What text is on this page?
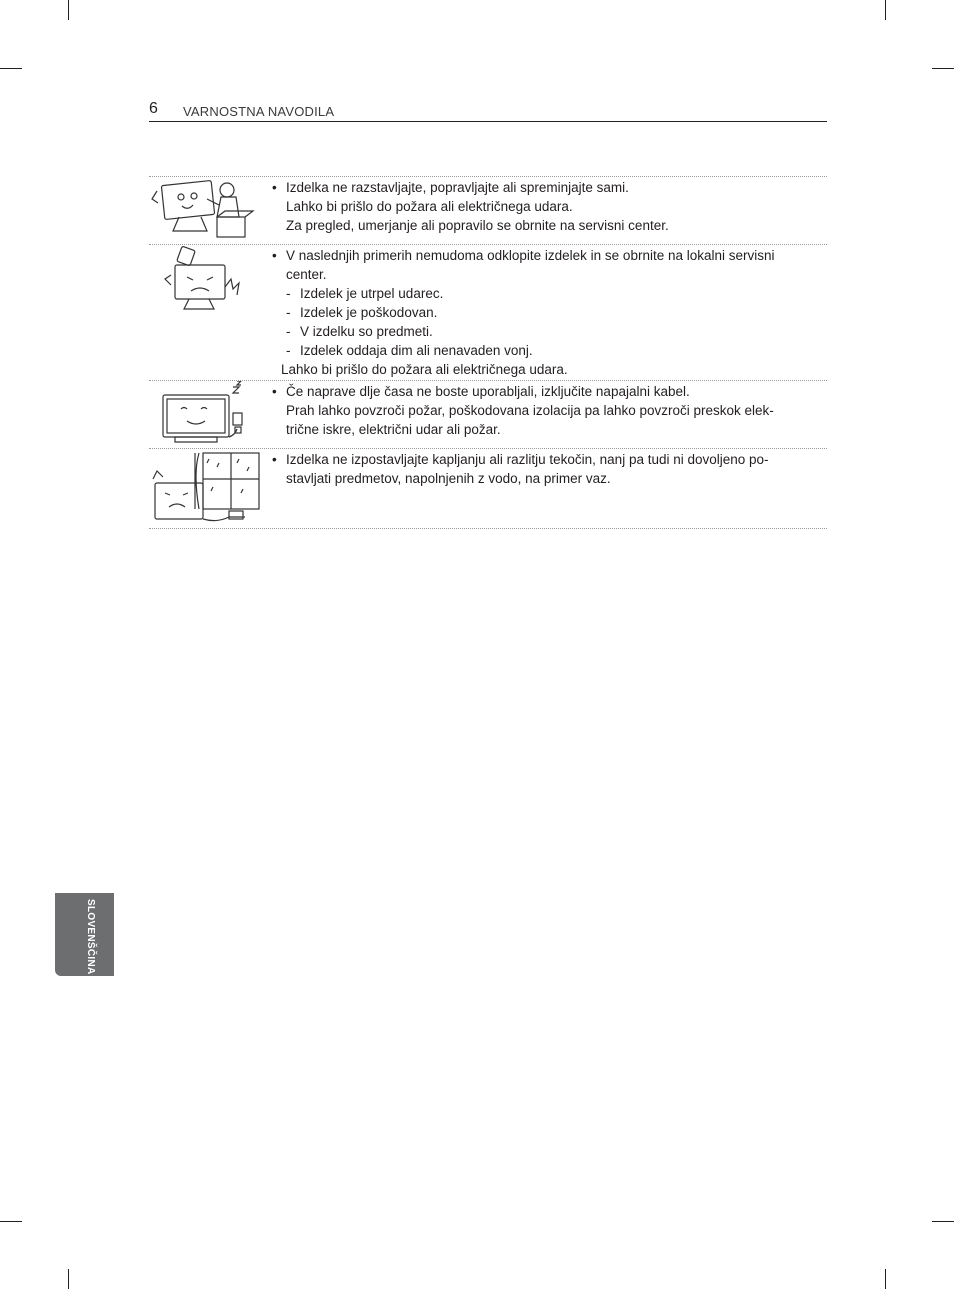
6 VARNOSTNA NAVODILA
• Izdelka ne razstavljajte, popravljajte ali spreminjajte sami.
Lahko bi prišlo do požara ali električnega udara.
Za pregled, umerjanje ali popravilo se obrnite na servisni center.
• V naslednjih primerih nemudoma odklopite izdelek in se obrnite na lokalni servisni
center.
- Izdelek je utrpel udarec.
- Izdelek je poškodovan.
- V izdelku so predmeti.
- Izdelek oddaja dim ali nenavaden vonj.
Lahko bi prišlo do požara ali električnega udara.
• Če naprave dlje časa ne boste uporabljali, izključite napajalni kabel.
Prah lahko povzroči požar, poškodovana izolacija pa lahko povzroči preskok elek-
trične iskre, električni udar ali požar.
• Izdelka ne izpostavljajte kapljanju ali razlitju tekočin, nanj pa tudi ni dovoljeno po-
stavljati predmetov, napolnjenih z vodo, na primer vaz.
SLOVENŠČINA
